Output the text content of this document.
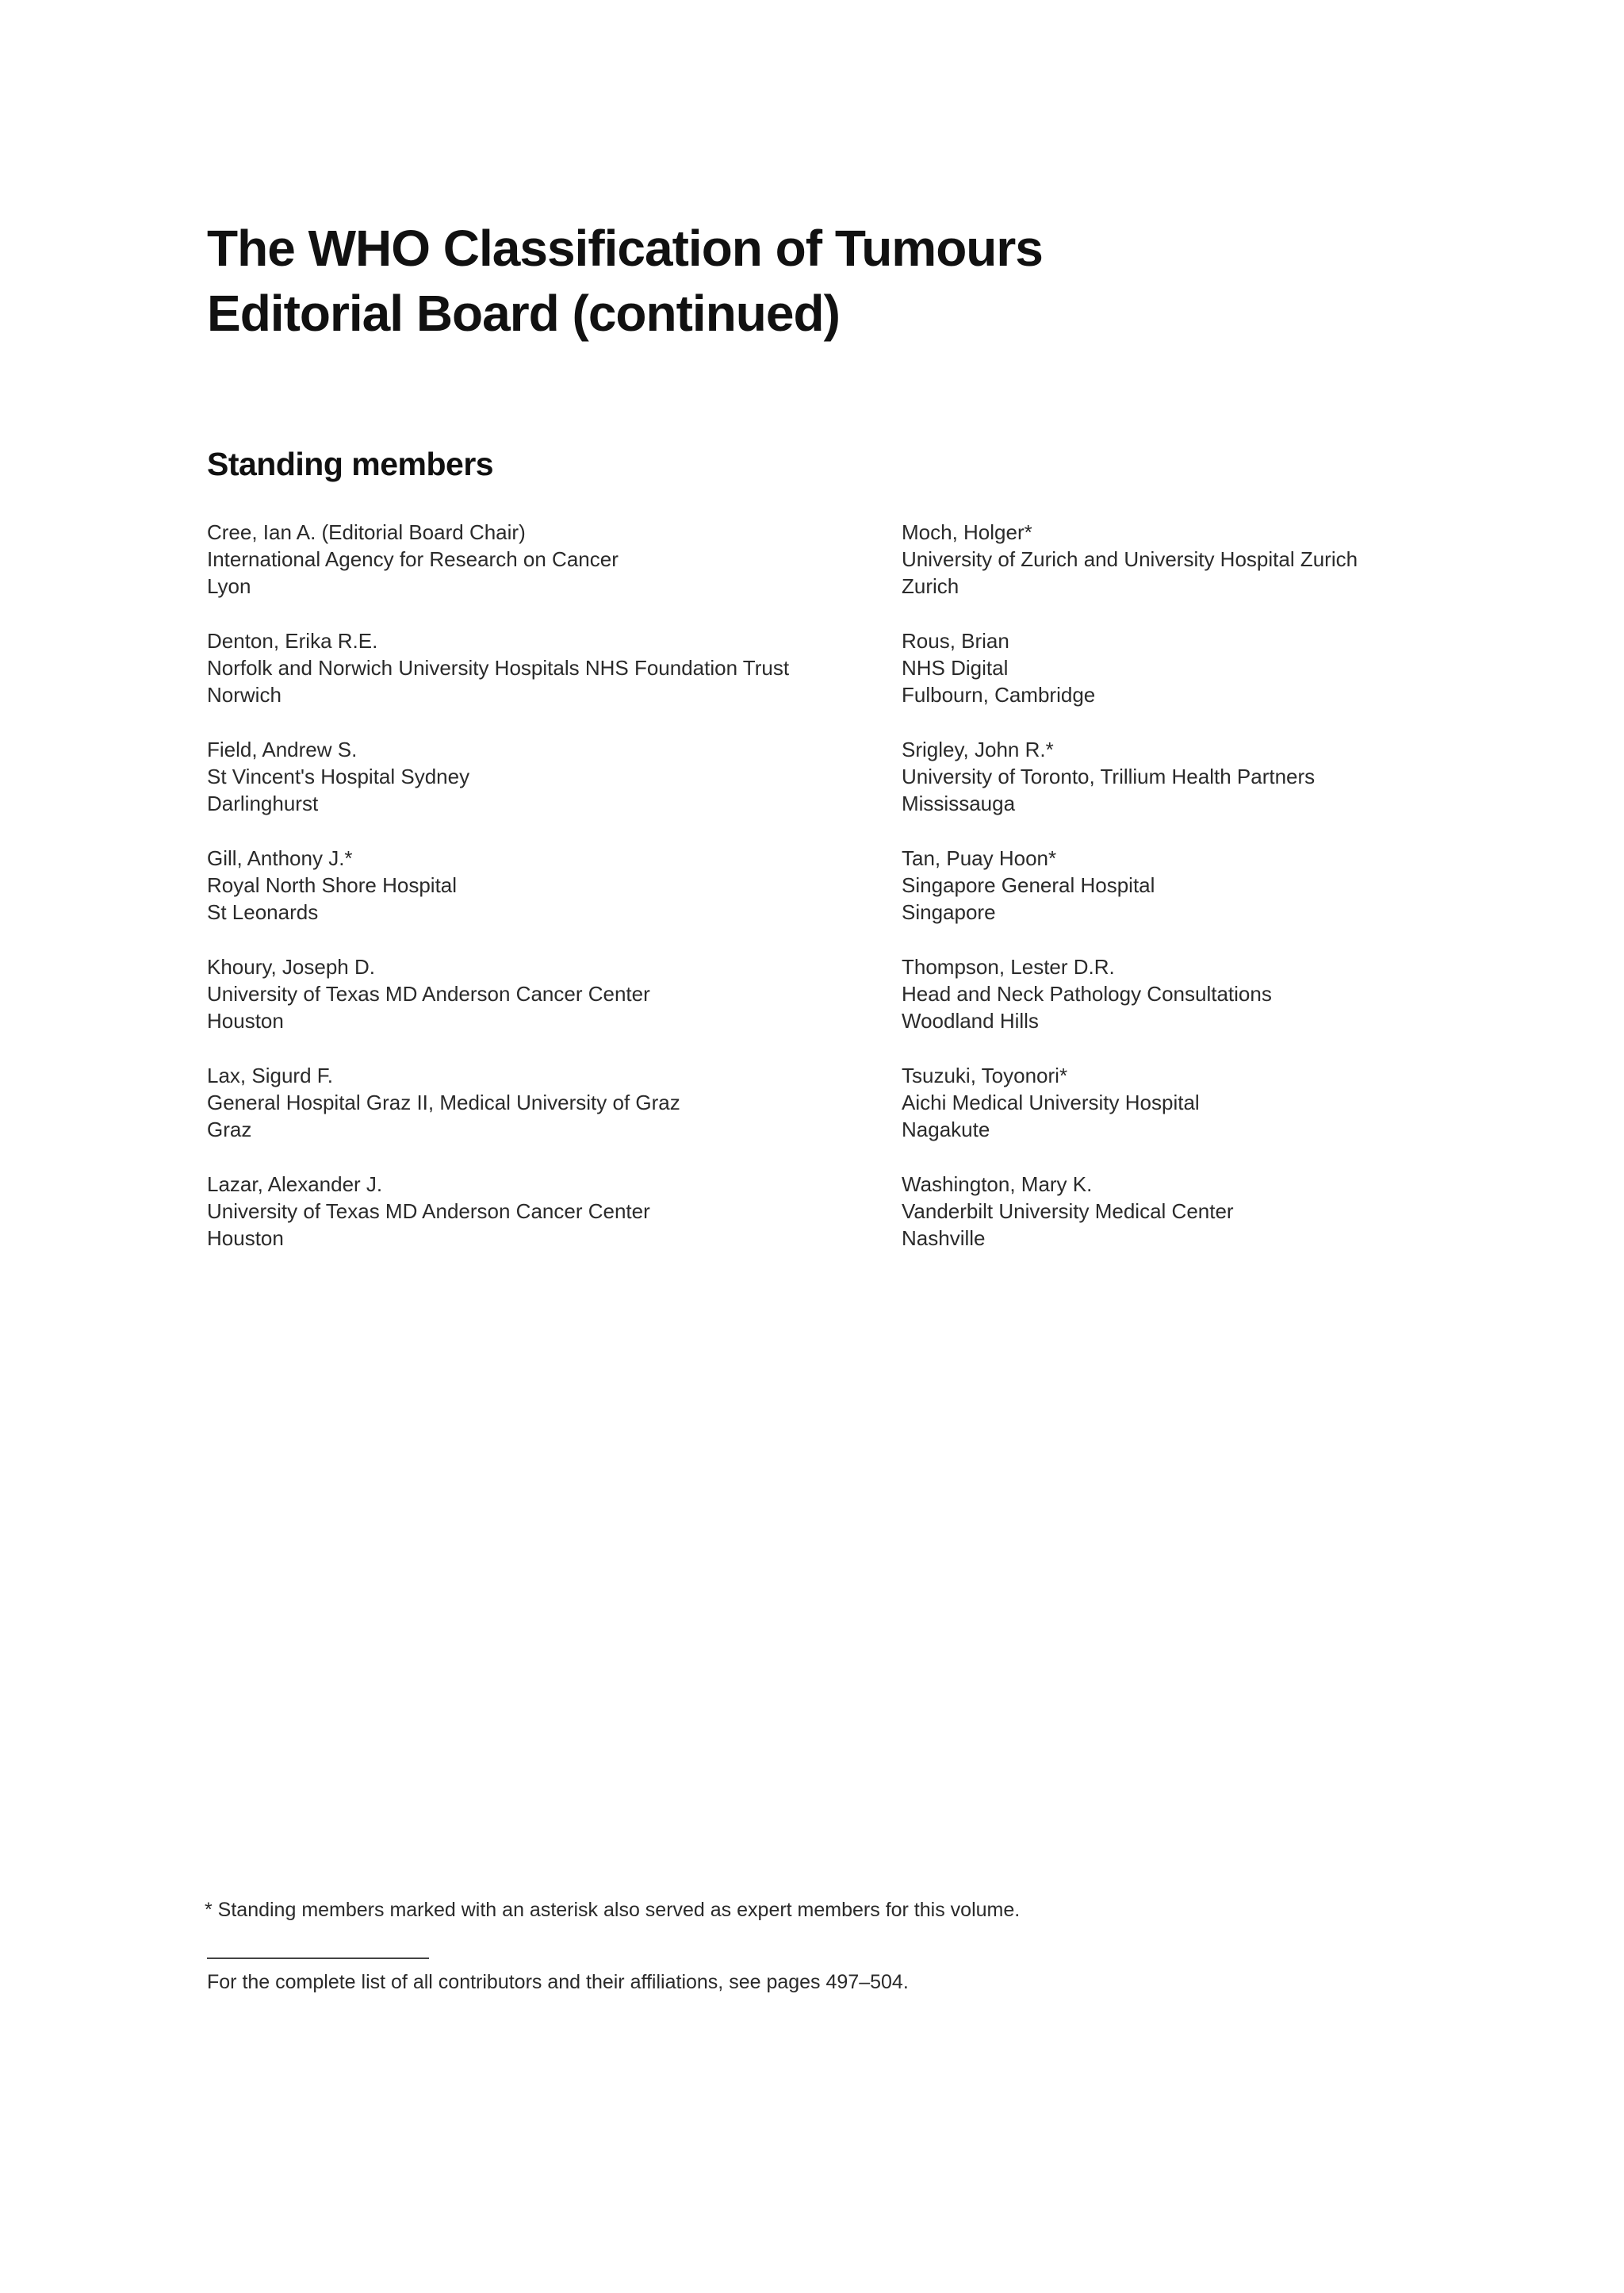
The WHO Classification of Tumours
Editorial Board (continued)
Standing members
Cree, Ian A. (Editorial Board Chair)
International Agency for Research on Cancer
Lyon
Denton, Erika R.E.
Norfolk and Norwich University Hospitals NHS Foundation Trust
Norwich
Field, Andrew S.
St Vincent's Hospital Sydney
Darlinghurst
Gill, Anthony J.*
Royal North Shore Hospital
St Leonards
Khoury, Joseph D.
University of Texas MD Anderson Cancer Center
Houston
Lax, Sigurd F.
General Hospital Graz II, Medical University of Graz
Graz
Lazar, Alexander J.
University of Texas MD Anderson Cancer Center
Houston
Moch, Holger*
University of Zurich and University Hospital Zurich
Zurich
Rous, Brian
NHS Digital
Fulbourn, Cambridge
Srigley, John R.*
University of Toronto, Trillium Health Partners
Mississauga
Tan, Puay Hoon*
Singapore General Hospital
Singapore
Thompson, Lester D.R.
Head and Neck Pathology Consultations
Woodland Hills
Tsuzuki, Toyonori*
Aichi Medical University Hospital
Nagakute
Washington, Mary K.
Vanderbilt University Medical Center
Nashville
* Standing members marked with an asterisk also served as expert members for this volume.
For the complete list of all contributors and their affiliations, see pages 497–504.
